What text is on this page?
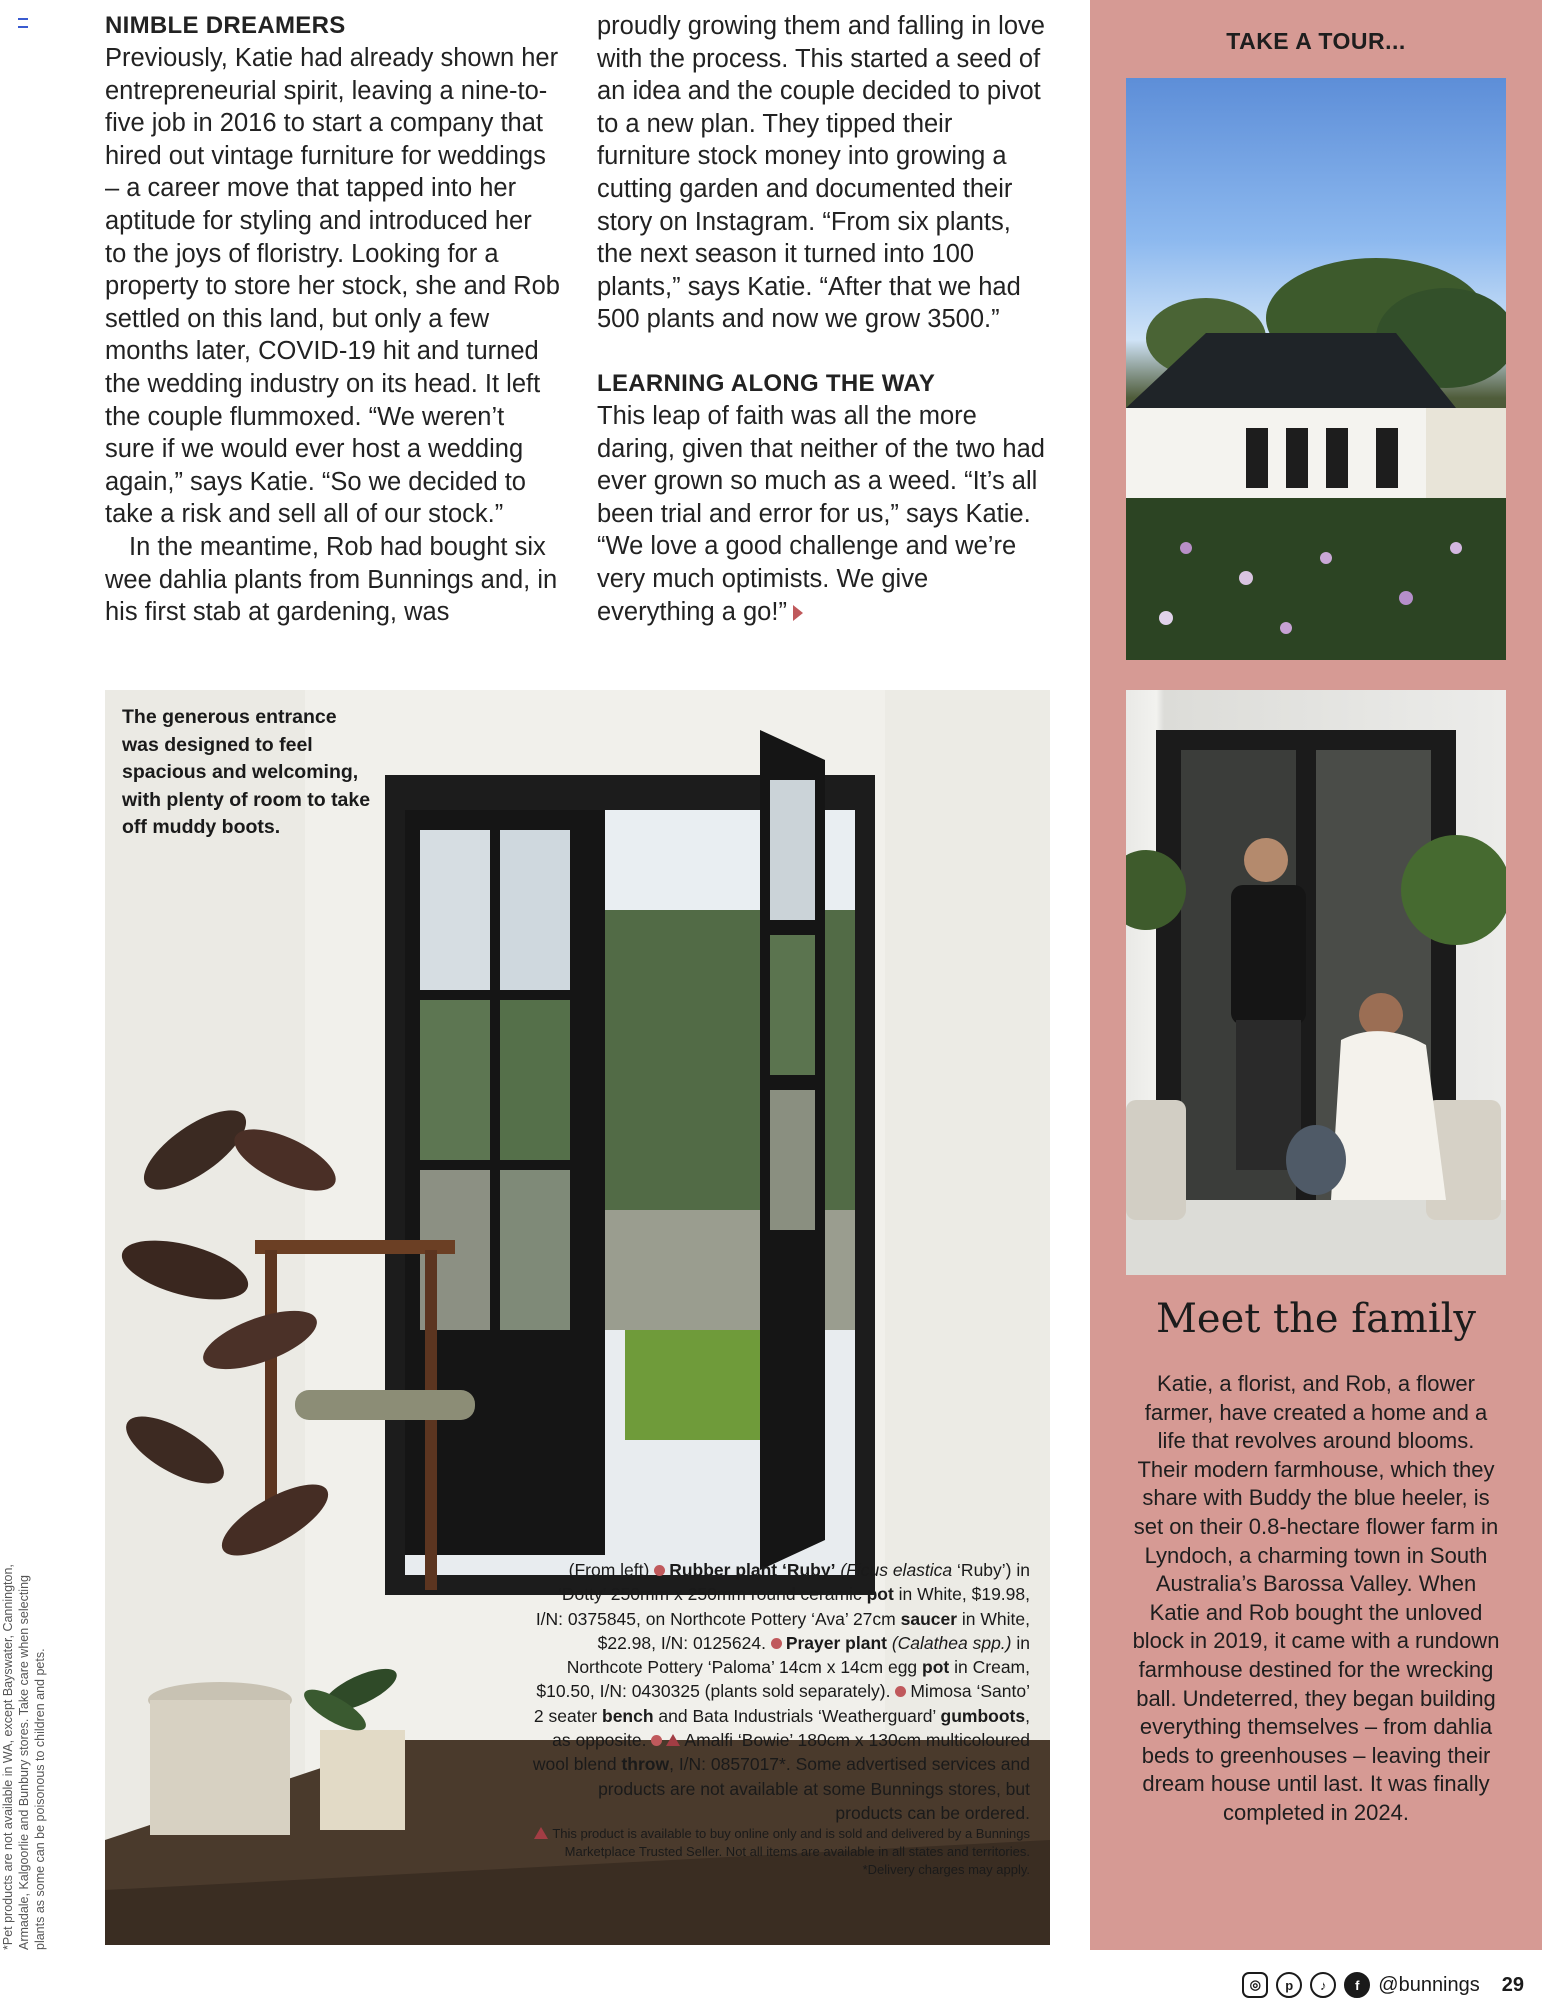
NIMBLE DREAMERS

Previously, Katie had already shown her entrepreneurial spirit, leaving a nine-to-five job in 2016 to start a company that hired out vintage furniture for weddings – a career move that tapped into her aptitude for styling and introduced her to the joys of floristry. Looking for a property to store her stock, she and Rob settled on this land, but only a few months later, COVID-19 hit and turned the wedding industry on its head. It left the couple flummoxed. “We weren’t sure if we would ever host a wedding again,” says Katie. “So we decided to take a risk and sell all of our stock.”

In the meantime, Rob had bought six wee dahlia plants from Bunnings and, in his first stab at gardening, was

proudly growing them and falling in love with the process. This started a seed of an idea and the couple decided to pivot to a new plan. They tipped their furniture stock money into growing a cutting garden and documented their story on Instagram. “From six plants, the next season it turned into 100 plants,” says Katie. “After that we had 500 plants and now we grow 3500.”

LEARNING ALONG THE WAY

This leap of faith was all the more daring, given that neither of the two had ever grown so much as a weed. “It’s all been trial and error for us,” says Katie. “We love a good challenge and we’re very much optimists. We give everything a go!”

The generous entrance was designed to feel spacious and welcoming, with plenty of room to take off muddy boots.
(From left) Rubber plant ‘Ruby’ (Ficus elastica ‘Ruby’) in ‘Dotty’ 250mm x 250mm round ceramic pot in White, $19.98, I/N: 0375845, on Northcote Pottery ‘Ava’ 27cm saucer in White, $22.98, I/N: 0125624. Prayer plant (Calathea spp.) in Northcote Pottery ‘Paloma’ 14cm x 14cm egg pot in Cream, $10.50, I/N: 0430325 (plants sold separately). Mimosa ‘Santo’ 2 seater bench and Bata Industrials ‘Weatherguard’ gumboots, as opposite. Amalfi ‘Bowie’ 180cm x 130cm multicoloured wool blend throw, I/N: 0857017*. Some advertised services and products are not available at some Bunnings stores, but products can be ordered.
This product is available to buy online only and is sold and delivered by a Bunnings Marketplace Trusted Seller. Not all items are available in all states and territories. *Delivery charges may apply.
TAKE A TOUR...
Meet the family
Katie, a florist, and Rob, a flower farmer, have created a home and a life that revolves around blooms. Their modern farmhouse, which they share with Buddy the blue heeler, is set on their 0.8-hectare flower farm in Lyndoch, a charming town in South Australia’s Barossa Valley. When Katie and Rob bought the unloved block in 2019, it came with a rundown farmhouse destined for the wrecking ball. Undeterred, they began building everything themselves – from dahlia beds to greenhouses – leaving their dream house until last. It was finally completed in 2024.
*Pet products are not available in WA, except Bayswater, Cannington, Armadale, Kalgoorlie and Bunbury stores. Take care when selecting plants as some can be poisonous to children and pets.
◎	p	♪	f @bunnings 29
